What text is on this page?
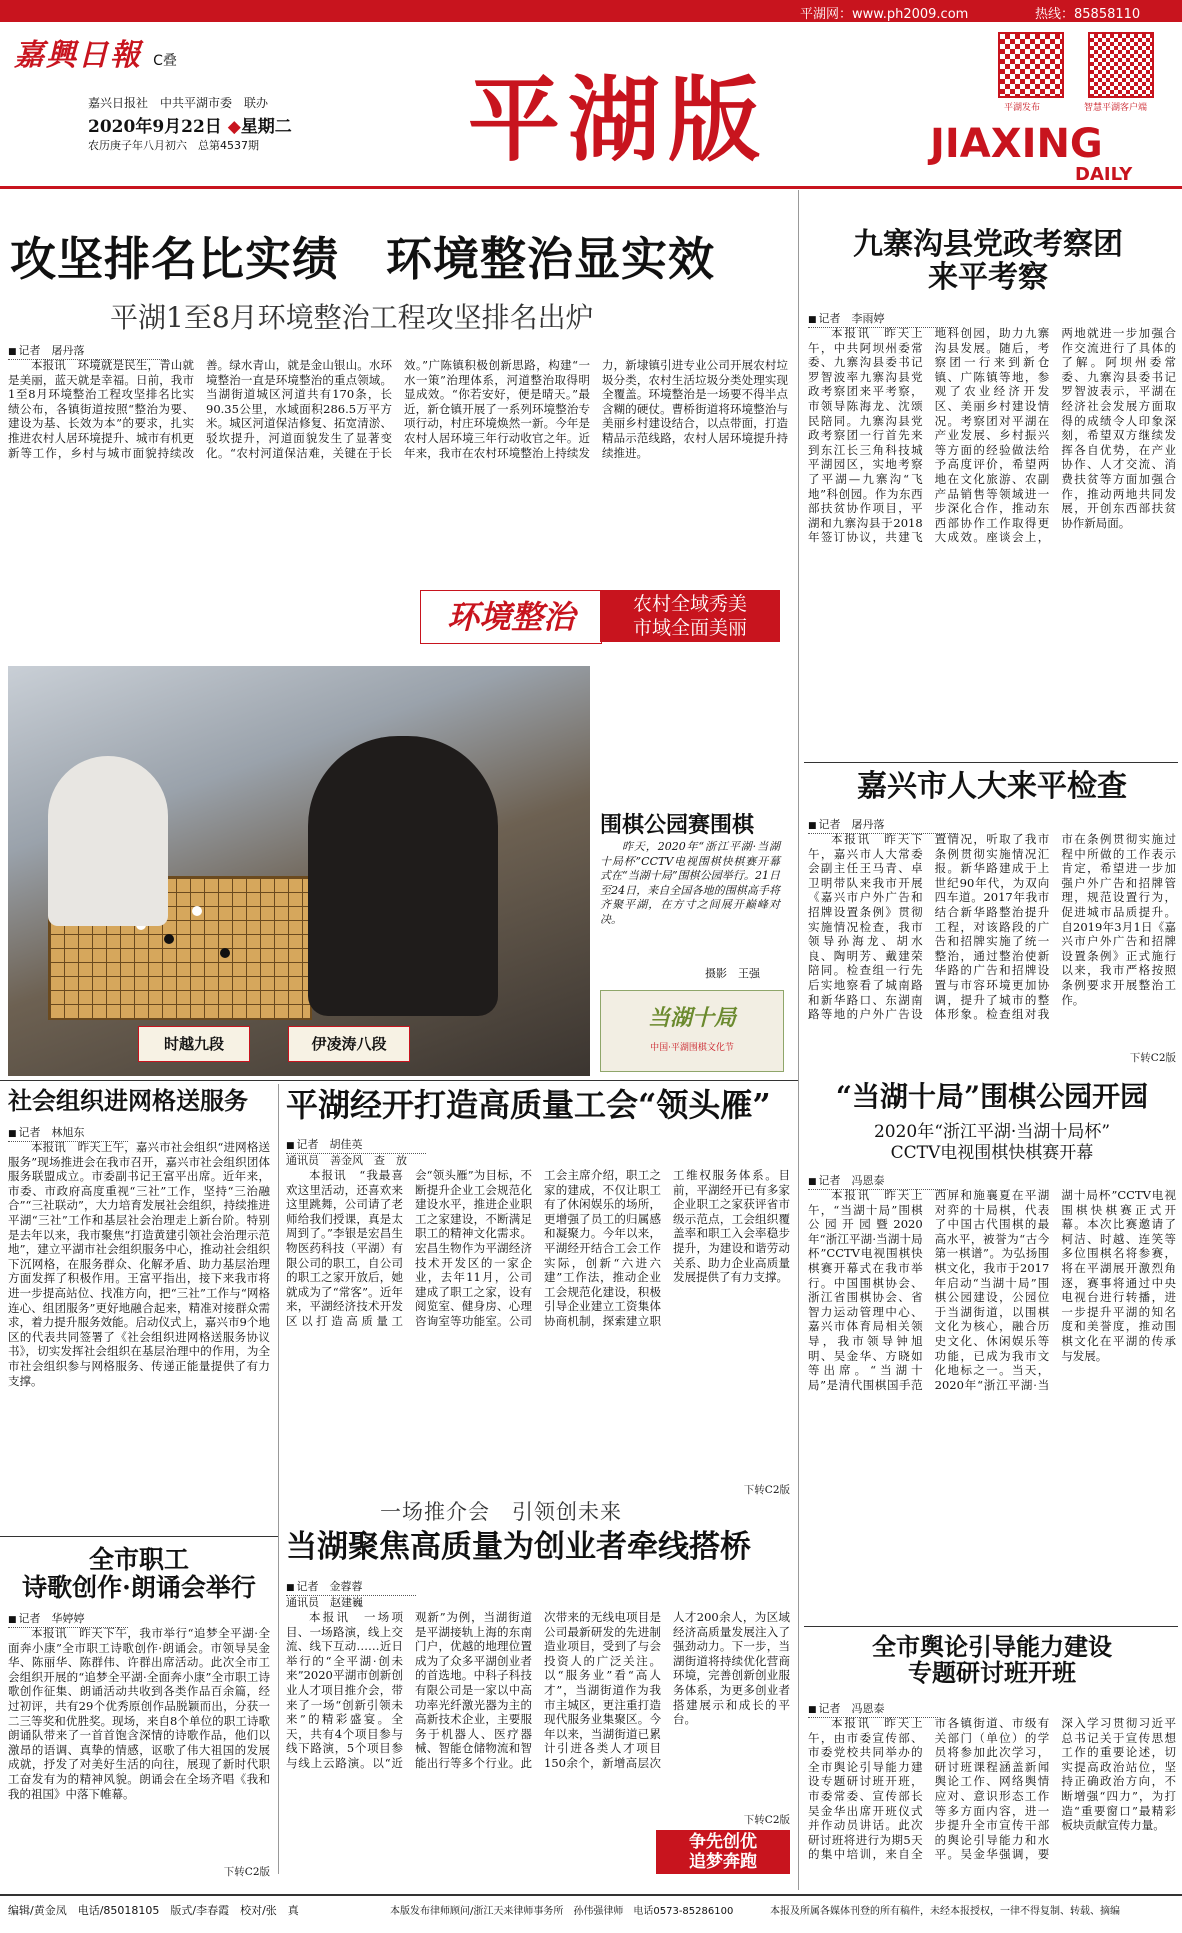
平湖网：www.ph2009.com	热线：85858110
嘉興日報 C叠
嘉兴日报社　中共平湖市委　联办
2020年9月22日 ◆星期二
农历庚子年八月初六　总第4537期 平湖版	JIAXING
DAILY
平湖发布	智慧平湖客户端
攻坚排名比实绩　环境整治显实效
平湖1至8月环境整治工程攻坚排名出炉
■ 记者　屠丹落
本报讯　环境就是民生，青山就是美丽，蓝天就是幸福。日前，我市1至8月环境整治工程攻坚排名比实绩公布，各镇街道按照“整治为要、建设为基、长效为本”的要求，扎实推进农村人居环境提升、城市有机更新等工作，乡村与城市面貌持续改善。绿水青山，就是金山银山。水环境整治一直是环境整治的重点领域。当湖街道城区河道共有170条，长90.35公里，水域面积286.5万平方米。城区河道保洁修复、拓宽清淤、驳坎提升，河道面貌发生了显著变化。“农村河道保洁难，关键在于长效。”广陈镇积极创新思路，构建“一水一策”治理体系，河道整治取得明显成效。“你若安好，便是晴天。”最近，新仓镇开展了一系列环境整治专项行动，村庄环境焕然一新。今年是农村人居环境三年行动收官之年。近年来，我市在农村环境整治上持续发力，新埭镇引进专业公司开展农村垃圾分类，农村生活垃圾分类处理实现全覆盖。环境整治是一场要不得半点含糊的硬仗。曹桥街道将环境整治与美丽乡村建设结合，以点带面，打造精品示范线路，农村人居环境提升持续推进。
环境整治	农村全域秀美
市域全面美丽
时越九段	伊凌涛八段
围棋公园赛围棋
昨天，2020年“浙江平湖·当湖十局杯”CCTV电视围棋快棋赛开幕式在“当湖十局”围棋公园举行。21日至24日，来自全国各地的围棋高手将齐聚平湖，在方寸之间展开巅峰对决。
摄影　王强
当湖十局
中国·平湖围棋文化节
九寨沟县党政考察团
来平考察
■ 记者　李雨婷
本报讯　昨天上午，中共阿坝州委常委、九寨沟县委书记罗智波率九寨沟县党政考察团来平考察，市领导陈海龙、沈颂民陪同。九寨沟县党政考察团一行首先来到东江长三角科技城平湖园区，实地考察了平湖—九寨沟“飞地”科创园。作为东西部扶贫协作项目，平湖和九寨沟县于2018年签订协议，共建飞地科创园，助力九寨沟县发展。随后，考察团一行来到新仓镇、广陈镇等地，参观了农业经济开发区、美丽乡村建设情况。考察团对平湖在产业发展、乡村振兴等方面的经验做法给予高度评价，希望两地在文化旅游、农副产品销售等领域进一步深化合作，推动东西部协作工作取得更大成效。座谈会上，两地就进一步加强合作交流进行了具体的了解。阿坝州委常委、九寨沟县委书记罗智波表示，平湖在经济社会发展方面取得的成绩令人印象深刻，希望双方继续发挥各自优势，在产业协作、人才交流、消费扶贫等方面加强合作，推动两地共同发展，开创东西部扶贫协作新局面。
嘉兴市人大来平检查
■ 记者　屠丹落
本报讯　昨天下午，嘉兴市人大常委会副主任王马青、卓卫明带队来我市开展《嘉兴市户外广告和招牌设置条例》贯彻实施情况检查，我市领导孙海龙、胡水良、陶明芳、戴建荣陪同。检查组一行先后实地察看了城南路和新华路口、东湖南路等地的户外广告设置情况，听取了我市条例贯彻实施情况汇报。新华路建成于上世纪90年代，为双向四车道。2017年我市结合新华路整治提升工程，对该路段的广告和招牌实施了统一整治，通过整治使新华路的广告和招牌设置与市容环境更加协调，提升了城市的整体形象。检查组对我市在条例贯彻实施过程中所做的工作表示肯定，希望进一步加强户外广告和招牌管理，规范设置行为，促进城市品质提升。自2019年3月1日《嘉兴市户外广告和招牌设置条例》正式施行以来，我市严格按照条例要求开展整治工作。
下转C2版
社会组织进网格送服务
■ 记者　林旭东
本报讯　昨天上午，嘉兴市社会组织“进网格送服务”现场推进会在我市召开，嘉兴市社会组织团体服务联盟成立。市委副书记王富平出席。近年来，市委、市政府高度重视“三社”工作，坚持“三治融合”“三社联动”，大力培育发展社会组织，持续推进平湖“三社”工作和基层社会治理走上新台阶。特别是去年以来，我市聚焦“打造黄建引领社会治理示范地”，建立平湖市社会组织服务中心，推动社会组织下沉网格，在服务群众、化解矛盾、助力基层治理方面发挥了积极作用。王富平指出，接下来我市将进一步提高站位、找准方向，把“三社”工作与“网格连心、组团服务”更好地融合起来，精准对接群众需求，着力提升服务效能。启动仪式上，嘉兴市9个地区的代表共同签署了《社会组织进网格送服务协议书》，切实发挥社会组织在基层治理中的作用，为全市社会组织参与网格服务、传递正能量提供了有力支撑。
平湖经开打造高质量工会“领头雁”
■ 记者　胡佳英
通讯员　善金风　查　放
本报讯　“我最喜欢这里活动，还喜欢来这里跳舞，公司请了老师给我们授课，真是太周到了。”李银是宏昌生物医药科技（平湖）有限公司的职工，自公司的职工之家开放后，她就成为了“常客”。近年来，平湖经济技术开发区以打造高质量工会“领头雁”为目标，不断提升企业工会规范化建设水平，推进企业职工之家建设，不断满足职工的精神文化需求。宏昌生物作为平湖经济技术开发区的一家企业，去年11月，公司建成了职工之家，设有阅览室、健身房、心理咨询室等功能室。公司工会主席介绍，职工之家的建成，不仅让职工有了休闲娱乐的场所，更增强了员工的归属感和凝聚力。今年以来，平湖经开结合工会工作实际，创新“六进六建”工作法，推动企业工会规范化建设，积极引导企业建立工资集体协商机制，探索建立职工维权服务体系。目前，平湖经开已有多家企业职工之家获评省市级示范点，工会组织覆盖率和职工入会率稳步提升，为建设和谐劳动关系、助力企业高质量发展提供了有力支撑。
下转C2版
“当湖十局”围棋公园开园
2020年“浙江平湖·当湖十局杯”
CCTV电视围棋快棋赛开幕
■ 记者　冯恩泰
本报讯　昨天上午，“当湖十局”围棋公园开园暨2020年“浙江平湖·当湖十局杯”CCTV电视围棋快棋赛开幕式在我市举行。中国围棋协会、浙江省围棋协会、省智力运动管理中心、嘉兴市体育局相关领导，我市领导钟旭明、吴金华、方晓如等出席。“当湖十局”是清代围棋国手范西屏和施襄夏在平湖对弈的十局棋，代表了中国古代围棋的最高水平，被誉为“古今第一棋谱”。为弘扬围棋文化，我市于2017年启动“当湖十局”围棋公园建设，公园位于当湖街道，以围棋文化为核心，融合历史文化、休闲娱乐等功能，已成为我市文化地标之一。当天，2020年“浙江平湖·当湖十局杯”CCTV电视围棋快棋赛正式开幕。本次比赛邀请了柯洁、时越、连笑等多位围棋名将参赛，将在平湖展开激烈角逐，赛事将通过中央电视台进行转播，进一步提升平湖的知名度和美誉度，推动围棋文化在平湖的传承与发展。
一场推介会　引领创未来
当湖聚焦高质量为创业者牵线搭桥
■ 记者　金蓉蓉
通讯员　赵建巍
本报讯　一场项目、一场路演，线上交流、线下互动……近日举行的“全平湖·创未来”2020平湖市创新创业人才项目推介会，带来了一场“创新引领未来”的精彩盛宴。全天，共有4个项目参与线下路演，5个项目参与线上云路演。以“近观新”为例，当湖街道是平湖接轨上海的东南门户，优越的地理位置成为了众多平湖创业者的首选地。中科子科技有限公司是一家以中高功率光纤激光器为主的高新技术企业，主要服务于机器人、医疗器械、智能仓储物流和智能出行等多个行业。此次带来的无线电项目是公司最新研发的先进制造业项目，受到了与会投资人的广泛关注。以“服务业”看“高人才”，当湖街道作为我市主城区，更注重打造现代服务业集聚区。今年以来，当湖街道已累计引进各类人才项目150余个，新增高层次人才200余人，为区域经济高质量发展注入了强劲动力。下一步，当湖街道将持续优化营商环境，完善创新创业服务体系，为更多创业者搭建展示和成长的平台。
下转C2版
争先创优
追梦奔跑
全市职工
诗歌创作·朗诵会举行
■ 记者　华婷婷
本报讯　昨天下午，我市举行“追梦全平湖·全面奔小康”全市职工诗歌创作·朗诵会。市领导吴金华、陈丽华、陈群伟、许群出席活动。此次全市工会组织开展的“追梦全平湖·全面奔小康”全市职工诗歌创作征集、朗诵活动共收到各类作品百余篇，经过初评，共有29个优秀原创作品脱颖而出，分获一二三等奖和优胜奖。现场，来自8个单位的职工诗歌朗诵队带来了一首首饱含深情的诗歌作品，他们以激昂的语调、真挚的情感，讴歌了伟大祖国的发展成就，抒发了对美好生活的向往，展现了新时代职工奋发有为的精神风貌。朗诵会在全场齐唱《我和我的祖国》中落下帷幕。
下转C2版
全市舆论引导能力建设
专题研讨班开班
■ 记者　冯恩泰
本报讯　昨天上午，由市委宣传部、市委党校共同举办的全市舆论引导能力建设专题研讨班开班，市委常委、宣传部长吴金华出席开班仪式并作动员讲话。此次研讨班将进行为期5天的集中培训，来自全市各镇街道、市级有关部门（单位）的学员将参加此次学习，研讨班课程涵盖新闻舆论工作、网络舆情应对、意识形态工作等多方面内容，进一步提升全市宣传干部的舆论引导能力和水平。吴金华强调，要深入学习贯彻习近平总书记关于宣传思想工作的重要论述，切实提高政治站位，坚持正确政治方向，不断增强“四力”，为打造“重要窗口”最精彩板块贡献宣传力量。
编辑/黄金凤　电话/85018105　版式/李春霞　校对/张　真	本版发布律师顾问/浙江天来律师事务所　孙伟强律师　电话0573-85286100	本报及所属各媒体刊登的所有稿件，未经本报授权，一律不得复制、转载、摘编
